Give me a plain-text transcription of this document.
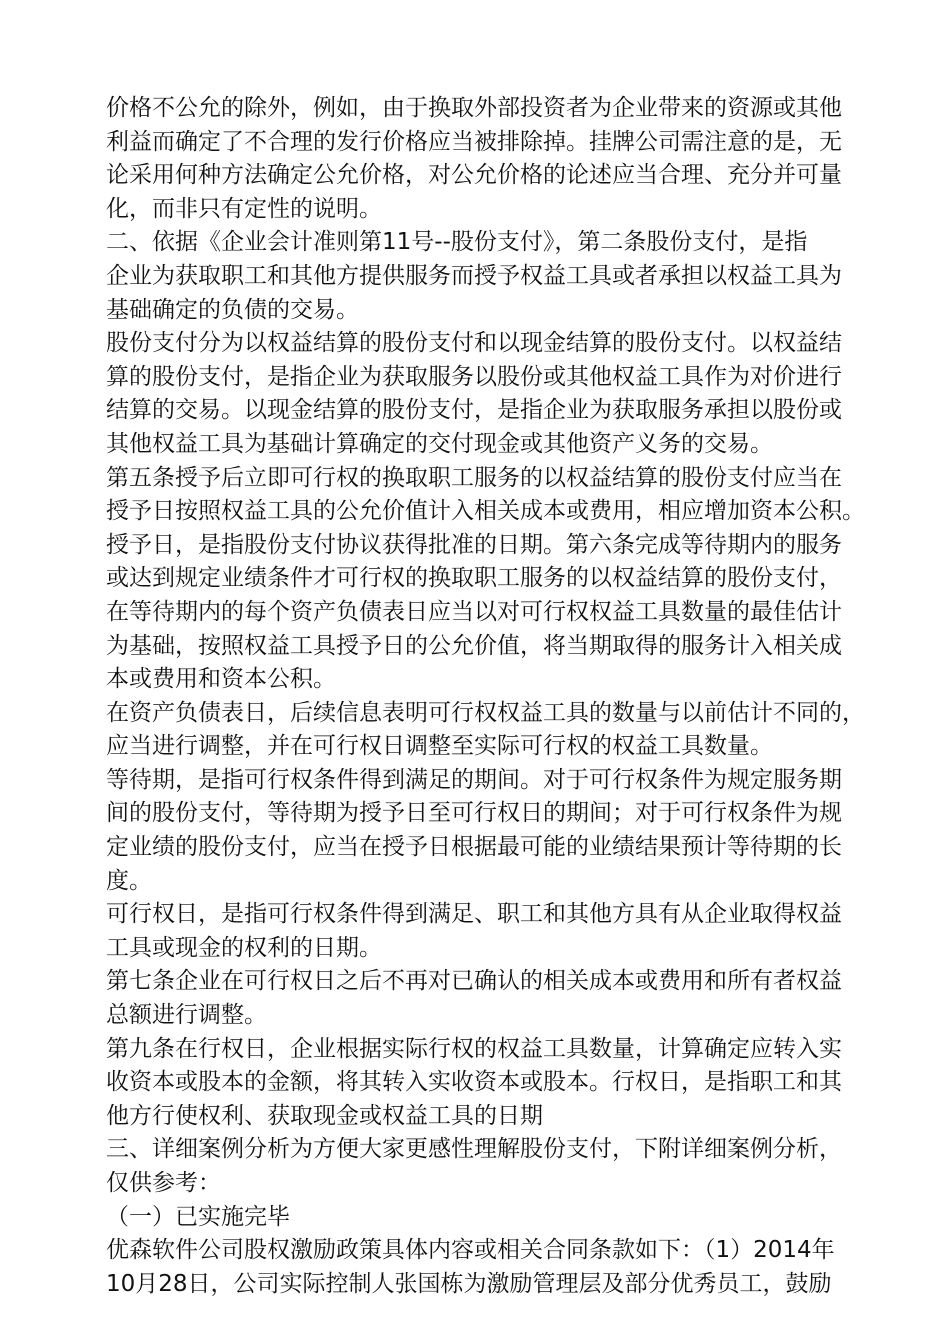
价格不公允的除外，例如，由于换取外部投资者为企业带来的资源或其他

利益而确定了不合理的发行价格应当被排除掉。挂牌公司需注意的是，无

论采用何种方法确定公允价格，对公允价格的论述应当合理、充分并可量

化，而非只有定性的说明。

二、依据《企业会计准则第11号--股份支付》，第二条股份支付，是指

企业为获取职工和其他方提供服务而授予权益工具或者承担以权益工具为

基础确定的负债的交易。

股份支付分为以权益结算的股份支付和以现金结算的股份支付。以权益结

算的股份支付，是指企业为获取服务以股份或其他权益工具作为对价进行

结算的交易。以现金结算的股份支付，是指企业为获取服务承担以股份或

其他权益工具为基础计算确定的交付现金或其他资产义务的交易。

第五条授予后立即可行权的换取职工服务的以权益结算的股份支付应当在

授予日按照权益工具的公允价值计入相关成本或费用，相应增加资本公积。

授予日，是指股份支付协议获得批准的日期。第六条完成等待期内的服务

或达到规定业绩条件才可行权的换取职工服务的以权益结算的股份支付，

在等待期内的每个资产负债表日应当以对可行权权益工具数量的最佳估计

为基础，按照权益工具授予日的公允价值，将当期取得的服务计入相关成

本或费用和资本公积。

在资产负债表日，后续信息表明可行权权益工具的数量与以前估计不同的，

应当进行调整，并在可行权日调整至实际可行权的权益工具数量。

等待期，是指可行权条件得到满足的期间。对于可行权条件为规定服务期

间的股份支付，等待期为授予日至可行权日的期间；对于可行权条件为规

定业绩的股份支付，应当在授予日根据最可能的业绩结果预计等待期的长

度。

可行权日，是指可行权条件得到满足、职工和其他方具有从企业取得权益

工具或现金的权利的日期。

第七条企业在可行权日之后不再对已确认的相关成本或费用和所有者权益

总额进行调整。

第九条在行权日，企业根据实际行权的权益工具数量，计算确定应转入实

收资本或股本的金额，将其转入实收资本或股本。行权日，是指职工和其

他方行使权利、获取现金或权益工具的日期

三、详细案例分析为方便大家更感性理解股份支付，下附详细案例分析，

仅供参考：

（一）已实施完毕

优森软件公司股权激励政策具体内容或相关合同条款如下：（1）2014年

10月28日，公司实际控制人张国栋为激励管理层及部分优秀员工，鼓励
